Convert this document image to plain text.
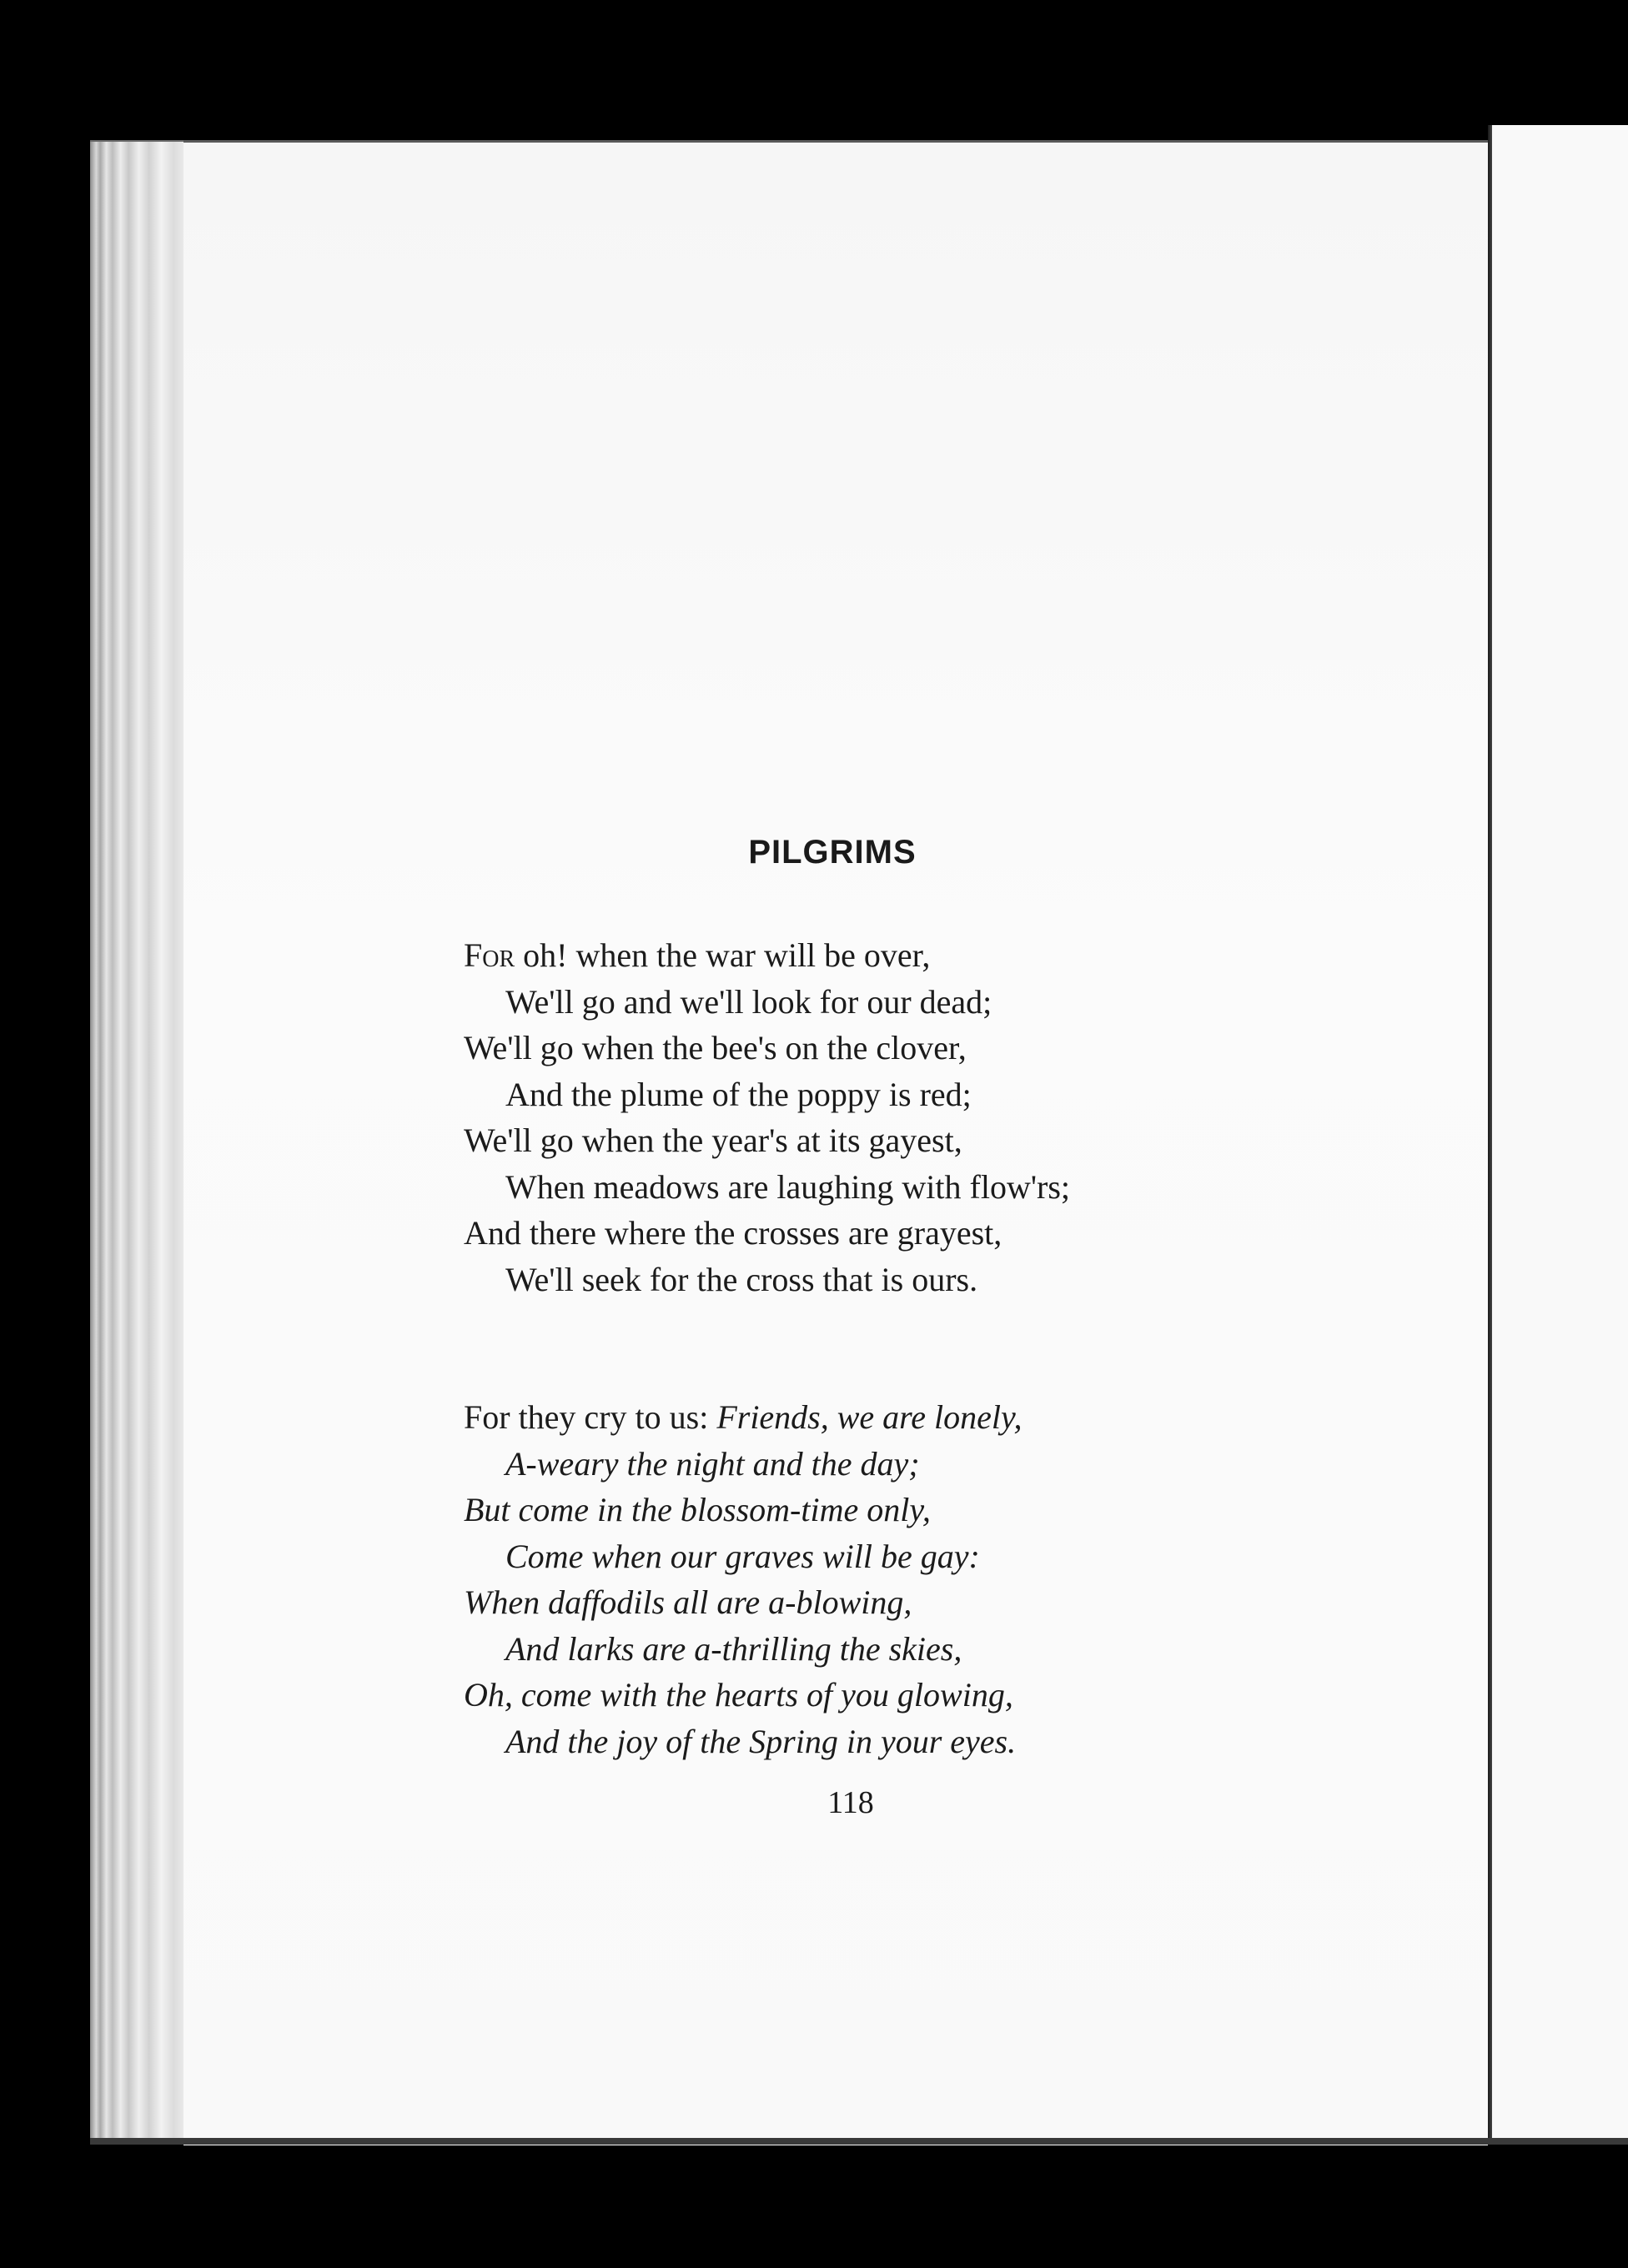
PILGRIMS
For oh! when the war will be over,
We'll go and we'll look for our dead;
We'll go when the bee's on the clover,
And the plume of the poppy is red;
We'll go when the year's at its gayest,
When meadows are laughing with flow'rs;
And there where the crosses are grayest,
We'll seek for the cross that is ours.
For they cry to us: Friends, we are lonely,
A-weary the night and the day;
But come in the blossom-time only,
Come when our graves will be gay:
When daffodils all are a-blowing,
And larks are a-thrilling the skies,
Oh, come with the hearts of you glowing,
And the joy of the Spring in your eyes.
118
